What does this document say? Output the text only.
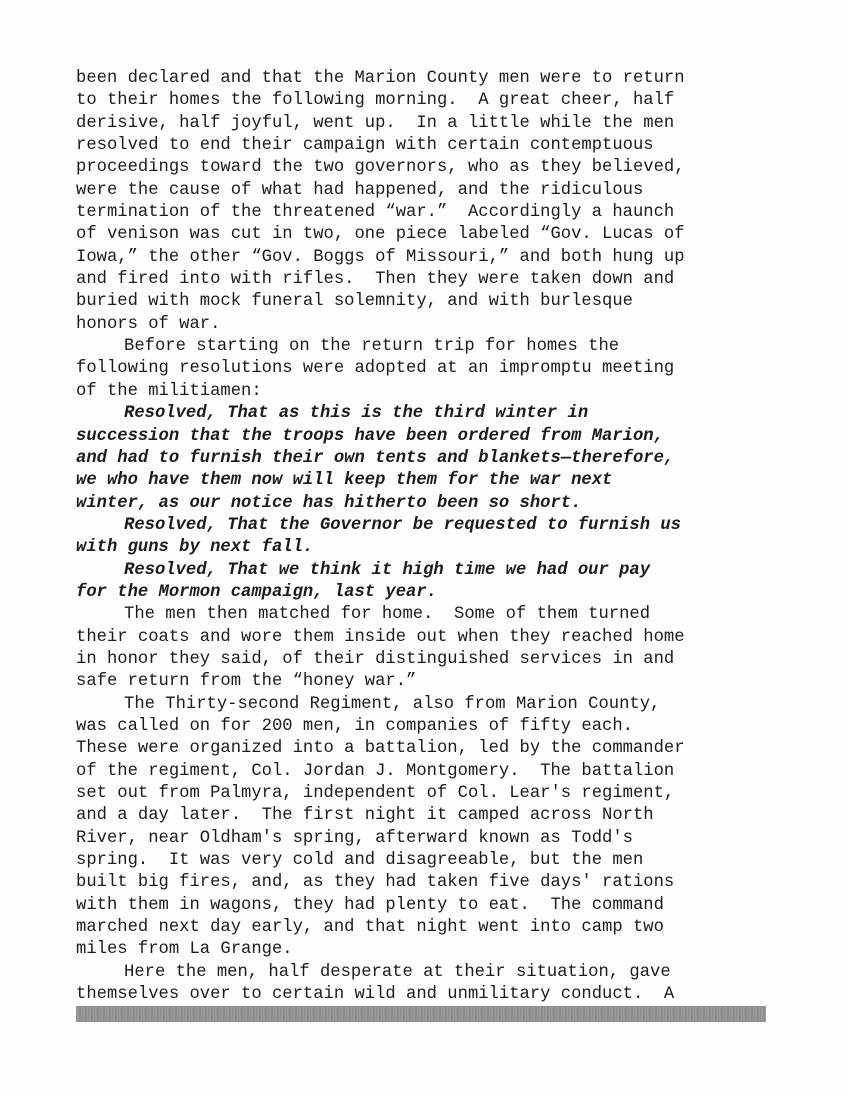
been declared and that the Marion County men were to return
to their homes the following morning.  A great cheer, half
derisive, half joyful, went up.  In a little while the men
resolved to end their campaign with certain contemptuous
proceedings toward the two governors, who as they believed,
were the cause of what had happened, and the ridiculous
termination of the threatened “war.”  Accordingly a haunch
of venison was cut in two, one piece labeled “Gov. Lucas of
Iowa,” the other “Gov. Boggs of Missouri,” and both hung up
and fired into with rifles.  Then they were taken down and
buried with mock funeral solemnity, and with burlesque
honors of war.
Before starting on the return trip for homes the
following resolutions were adopted at an impromptu meeting
of the militiamen:
Resolved, That as this is the third winter in
succession that the troops have been ordered from Marion,
and had to furnish their own tents and blankets—therefore,
we who have them now will keep them for the war next
winter, as our notice has hitherto been so short.
Resolved, That the Governor be requested to furnish us
with guns by next fall.
Resolved, That we think it high time we had our pay
for the Mormon campaign, last year.
The men then matched for home.  Some of them turned
their coats and wore them inside out when they reached home
in honor they said, of their distinguished services in and
safe return from the “honey war.”
The Thirty-second Regiment, also from Marion County,
was called on for 200 men, in companies of fifty each.
These were organized into a battalion, led by the commander
of the regiment, Col. Jordan J. Montgomery.  The battalion
set out from Palmyra, independent of Col. Lear's regiment,
and a day later.  The first night it camped across North
River, near Oldham's spring, afterward known as Todd's
spring.  It was very cold and disagreeable, but the men
built big fires, and, as they had taken five days' rations
with them in wagons, they had plenty to eat.  The command
marched next day early, and that night went into camp two
miles from La Grange.
Here the men, half desperate at their situation, gave
themselves over to certain wild and unmilitary conduct.  A
